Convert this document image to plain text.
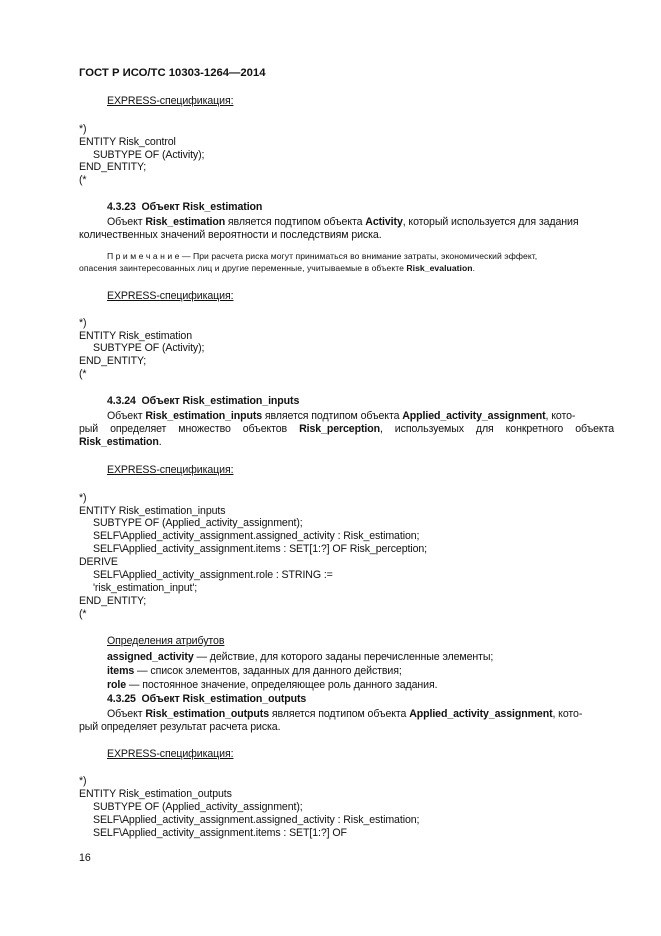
ГОСТ Р ИСО/ТС 10303-1264—2014
EXPRESS-спецификация:
*)
ENTITY Risk_control
SUBTYPE OF (Activity);
END_ENTITY;
(*
4.3.23  Объект Risk_estimation
Объект Risk_estimation является подтипом объекта Activity, который используется для задания
количественных значений вероятности и последствиям риска.
П р и м е ч а н и е — При расчета риска могут приниматься во внимание затраты, экономический эффект,
опасения заинтересованных лиц и другие переменные, учитываемые в объекте Risk_evaluation.
EXPRESS-спецификация:
*)
ENTITY Risk_estimation
SUBTYPE OF (Activity);
END_ENTITY;
(*
4.3.24  Объект Risk_estimation_inputs
Объект Risk_estimation_inputs является подтипом объекта Applied_activity_assignment, кото-
рый определяет множество объектов Risk_perception, используемых для конкретного объекта
Risk_estimation.
EXPRESS-спецификация:
*)
ENTITY Risk_estimation_inputs
SUBTYPE OF (Applied_activity_assignment);
SELF\Applied_activity_assignment.assigned_activity : Risk_estimation;
SELF\Applied_activity_assignment.items : SET[1:?] OF Risk_perception;
DERIVE
SELF\Applied_activity_assignment.role : STRING :=
'risk_estimation_input';
END_ENTITY;
(*
Определения атрибутов
assigned_activity — действие, для которого заданы перечисленные элементы;
items — список элементов, заданных для данного действия;
role — постоянное значение, определяющее роль данного задания.
4.3.25  Объект Risk_estimation_outputs
Объект Risk_estimation_outputs является подтипом объекта Applied_activity_assignment, кото-
рый определяет результат расчета риска.
EXPRESS-спецификация:
*)
ENTITY Risk_estimation_outputs
SUBTYPE OF (Applied_activity_assignment);
SELF\Applied_activity_assignment.assigned_activity : Risk_estimation;
SELF\Applied_activity_assignment.items : SET[1:?] OF
16
